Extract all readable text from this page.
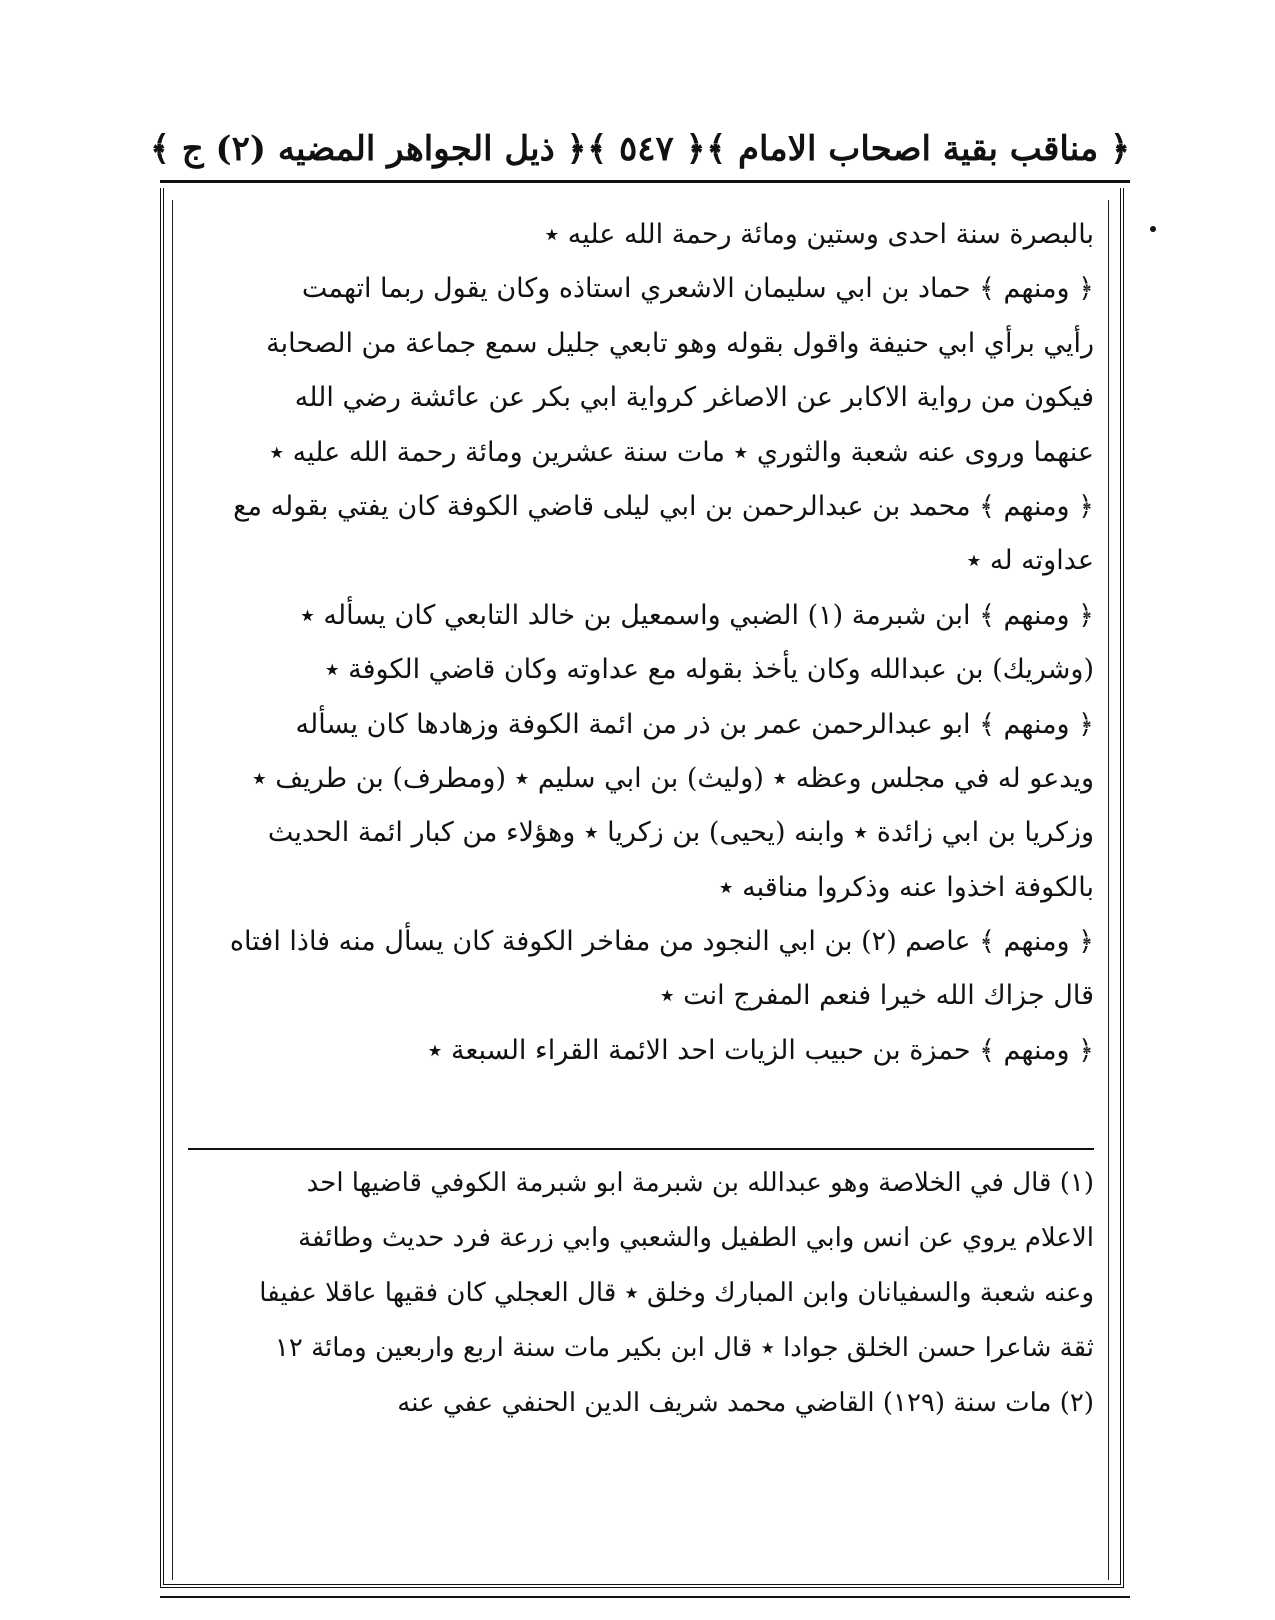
﴿ مناقب بقية اصحاب الامام ﴾
﴿ ٥٤٧ ﴾
﴿ ذيل الجواهر المضيه (٢) ج ﴾
بالبصرة سنة احدى وستين ومائة رحمة الله عليه ٭
﴿ ومنهم ﴾ حماد بن ابي سليمان الاشعري استاذه وكان يقول ربما اتهمت
رأيي برأي ابي حنيفة واقول بقوله وهو تابعي جليل سمع جماعة من الصحابة
فيكون من رواية الاكابر عن الاصاغر كرواية ابي بكر عن عائشة رضي الله
عنهما وروى عنه شعبة والثوري ٭ مات سنة عشرين ومائة رحمة الله عليه ٭
﴿ ومنهم ﴾ محمد بن عبدالرحمن بن ابي ليلى قاضي الكوفة كان يفتي بقوله مع
عداوته له ٭
﴿ ومنهم ﴾ ابن شبرمة (١) الضبي واسمعيل بن خالد التابعي كان يسأله ٭
(وشريك) بن عبدالله وكان يأخذ بقوله مع عداوته وكان قاضي الكوفة ٭
﴿ ومنهم ﴾ ابو عبدالرحمن عمر بن ذر من ائمة الكوفة وزهادها كان يسأله
ويدعو له في مجلس وعظه ٭ (وليث) بن ابي سليم ٭ (ومطرف) بن طريف ٭
وزكريا بن ابي زائدة ٭ وابنه (يحيى) بن زكريا ٭ وهؤلاء من كبار ائمة الحديث
بالكوفة اخذوا عنه وذكروا مناقبه ٭
﴿ ومنهم ﴾ عاصم (٢) بن ابي النجود من مفاخر الكوفة كان يسأل منه فاذا افتاه
قال جزاك الله خيرا فنعم المفرج انت ٭
﴿ ومنهم ﴾ حمزة بن حبيب الزيات احد الائمة القراء السبعة ٭
(١) قال في الخلاصة وهو عبدالله بن شبرمة ابو شبرمة الكوفي قاضيها احد
الاعلام يروي عن انس وابي الطفيل والشعبي وابي زرعة فرد حديث وطائفة
وعنه شعبة والسفيانان وابن المبارك وخلق ٭ قال العجلي كان فقيها عاقلا عفيفا
ثقة شاعرا حسن الخلق جوادا ٭ قال ابن بكير مات سنة اربع واربعين ومائة ١٢
(٢) مات سنة (١٢٩) القاضي محمد شريف الدين الحنفي عفي عنه
